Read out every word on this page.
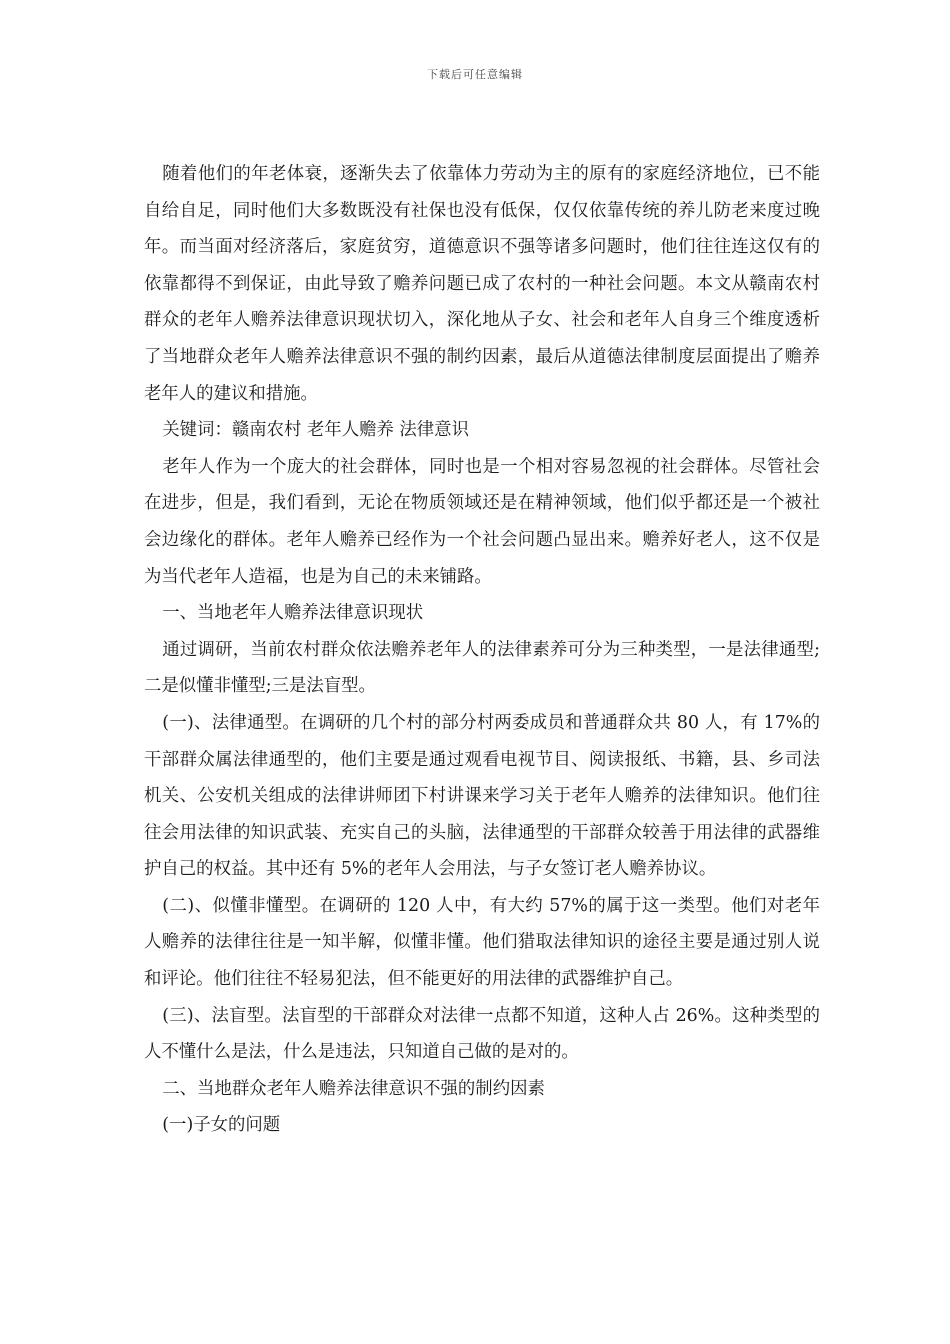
下载后可任意编辑

随着他们的年老体衰，逐渐失去了依靠体力劳动为主的原有的家庭经济地位，已不能自给自足，同时他们大多数既没有社保也没有低保，仅仅依靠传统的养儿防老来度过晚年。而当面对经济落后，家庭贫穷，道德意识不强等诸多问题时，他们往往连这仅有的依靠都得不到保证，由此导致了赡养问题已成了农村的一种社会问题。本文从赣南农村群众的老年人赡养法律意识现状切入，深化地从子女、社会和老年人自身三个维度透析了当地群众老年人赡养法律意识不强的制约因素，最后从道德法律制度层面提出了赡养老年人的建议和措施。

关键词：赣南农村 老年人赡养 法律意识

老年人作为一个庞大的社会群体，同时也是一个相对容易忽视的社会群体。尽管社会在进步，但是，我们看到，无论在物质领域还是在精神领域，他们似乎都还是一个被社会边缘化的群体。老年人赡养已经作为一个社会问题凸显出来。赡养好老人，这不仅是为当代老年人造福，也是为自己的未来铺路。

一、当地老年人赡养法律意识现状

通过调研，当前农村群众依法赡养老年人的法律素养可分为三种类型，一是法律通型;二是似懂非懂型;三是法盲型。

(一)、法律通型。在调研的几个村的部分村两委成员和普通群众共 80 人，有 17%的干部群众属法律通型的，他们主要是通过观看电视节目、阅读报纸、书籍，县、乡司法机关、公安机关组成的法律讲师团下村讲课来学习关于老年人赡养的法律知识。他们往往会用法律的知识武装、充实自己的头脑，法律通型的干部群众较善于用法律的武器维护自己的权益。其中还有 5%的老年人会用法，与子女签订老人赡养协议。

(二)、似懂非懂型。在调研的 120 人中，有大约 57%的属于这一类型。他们对老年人赡养的法律往往是一知半解，似懂非懂。他们猎取法律知识的途径主要是通过别人说和评论。他们往往不轻易犯法，但不能更好的用法律的武器维护自己。

(三)、法盲型。法盲型的干部群众对法律一点都不知道，这种人占 26%。这种类型的人不懂什么是法，什么是违法，只知道自己做的是对的。

二、当地群众老年人赡养法律意识不强的制约因素

(一)子女的问题
